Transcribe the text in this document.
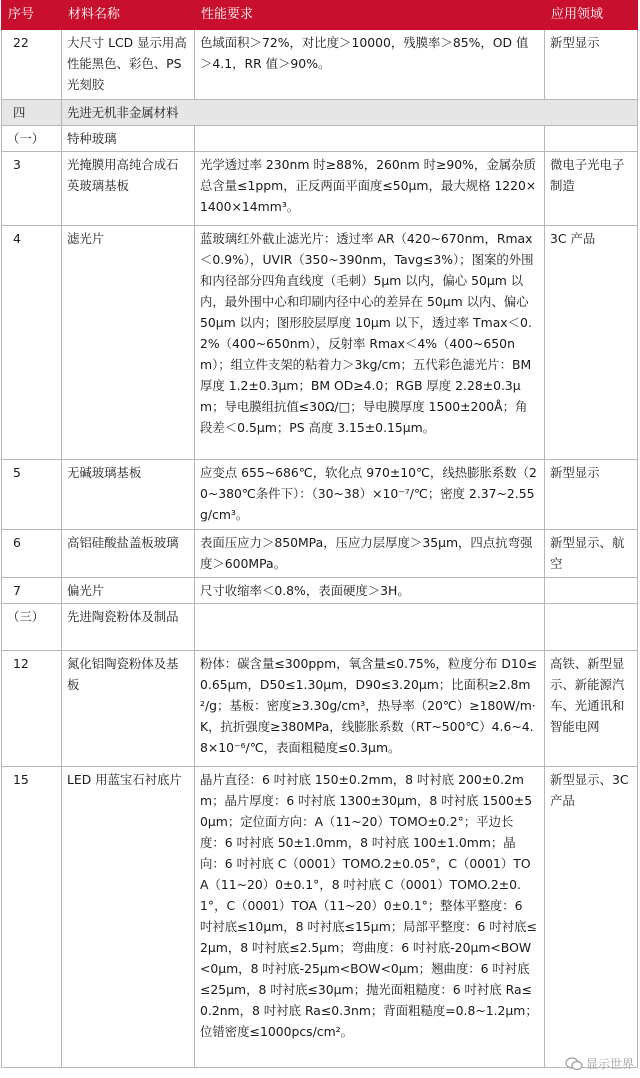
序号	材料名称	性能要求	应用领域
22	大尺寸 LCD 显示用高性能黑色、彩色、PS 光刻胶	色域面积＞72%，对比度＞10000，残膜率＞85%，OD 值＞4.1，RR 值＞90%。	新型显示
四	先进无机非金属材料		
（一）	特种玻璃		
3	光掩膜用高纯合成石英玻璃基板	光学透过率 230nm 时≥88%，260nm 时≥90%，金属杂质总含量≤1ppm，正反两面平面度≤50μm，最大规格 1220×1400×14mm³。	微电子光电子制造
4	滤光片	蓝玻璃红外截止滤光片：透过率 AR（420~670nm，Rmax＜0.9%），UVIR（350~390nm，Tavg≤3%）；图案的外围和内径部分四角直线度（毛刺）5μm 以内，偏心 50μm 以内，最外围中心和印刷内径中心的差异在 50μm 以内、偏心 50μm 以内；图形胶层厚度 10μm 以下，透过率 Tmax＜0.2%（400~650nm），反射率 Rmax＜4%（400~650nm）；组立件支架的粘着力＞3kg/cm；五代彩色滤光片：BM 厚度 1.2±0.3μm；BM OD≥4.0；RGB 厚度 2.28±0.3μm；导电膜组抗值≤30Ω/□；导电膜厚度 1500±200Å；角段差＜0.5μm；PS 高度 3.15±0.15μm。	3C 产品
5	无碱玻璃基板	应变点 655~686℃，软化点 970±10℃，线热膨胀系数（20~380℃条件下）：（30~38）×10⁻⁷/℃；密度 2.37~2.55g/cm³。	新型显示
6	高铝硅酸盐盖板玻璃	表面压应力＞850MPa，压应力层厚度＞35μm，四点抗弯强度＞600MPa。	新型显示、航空
7	偏光片	尺寸收缩率＜0.8%，表面硬度＞3H。	
（三）	先进陶瓷粉体及制品		
12	氮化铝陶瓷粉体及基板	粉体：碳含量≤300ppm，氧含量≤0.75%，粒度分布 D10≤0.65μm，D50≤1.30μm，D90≤3.20μm；比面积≥2.8m²/g；基板：密度≥3.30g/cm³，热导率（20℃）≥180W/m·K，抗折强度≥380MPa，线膨胀系数（RT~500℃）4.6~4.8×10⁻⁶/℃，表面粗糙度≤0.3μm。	高铁、新型显示、新能源汽车、光通讯和智能电网
15	LED 用蓝宝石衬底片	晶片直径：6 吋衬底 150±0.2mm，8 吋衬底 200±0.2mm；晶片厚度：6 吋衬底 1300±30μm，8 吋衬底 1500±50μm；定位面方向：A（11~20）TOMO±0.2°；平边长度：6 吋衬底 50±1.0mm，8 吋衬底 100±1.0mm；晶向：6 吋衬底 C（0001）TOMO.2±0.05°，C（0001）TOA（11~20）0±0.1°，8 吋衬底 C（0001）TOMO.2±0.1°，C（0001）TOA（11~20）0±0.1°；整体平整度：6 吋衬底≤10μm，8 吋衬底≤15μm；局部平整度：6 吋衬底≤2μm，8 吋衬底≤2.5μm；弯曲度：6 吋衬底-20μm<BOW<0μm，8 吋衬底-25μm<BOW<0μm；翘曲度：6 吋衬底≤25μm，8 吋衬底≤30μm；抛光面粗糙度：6 吋衬底 Ra≤0.2nm，8 吋衬底 Ra≤0.3nm；背面粗糙度=0.8~1.2μm；位错密度≤1000pcs/cm²。	新型显示、3C 产品
显示世界
